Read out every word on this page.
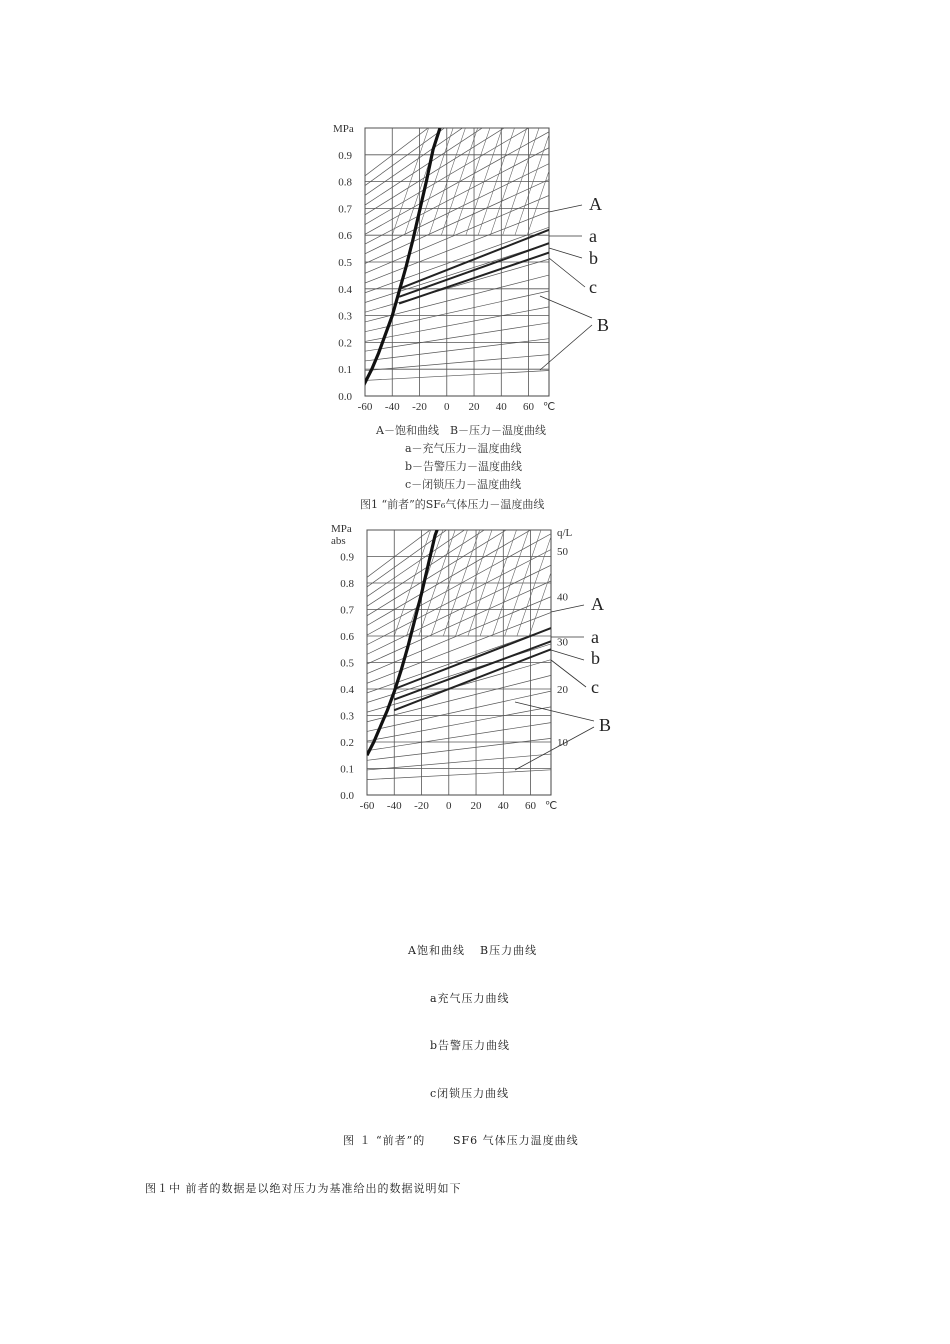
0.0
0.1
0.2
0.3
0.4
0.5
0.6
0.7
0.8
0.9
-60 -40 -20 0 20 40 60 ℃
MPa
A
a
b
c
B
A－饱和曲线　B－压力－温度曲线
a－充气压力－温度曲线
b－告警压力－温度曲线
c－闭锁压力－温度曲线
图1 “前者”的SF₆气体压力－温度曲线
0.0
0.1
0.2
0.3
0.4
0.5
0.6
0.7
0.8
0.9
-60 -40 -20 0 20 40 60 ℃
MPa
abs
q/L
50
40
30
20
10
A
a
b
c
B
A饱和曲线 B压力曲线
a充气压力曲线
b告警压力曲线
c闭锁压力曲线
图 １ “前者”的	SF6 气体压力温度曲线
图１中 前者的数据是以绝对压力为基准给出的数据说明如下
